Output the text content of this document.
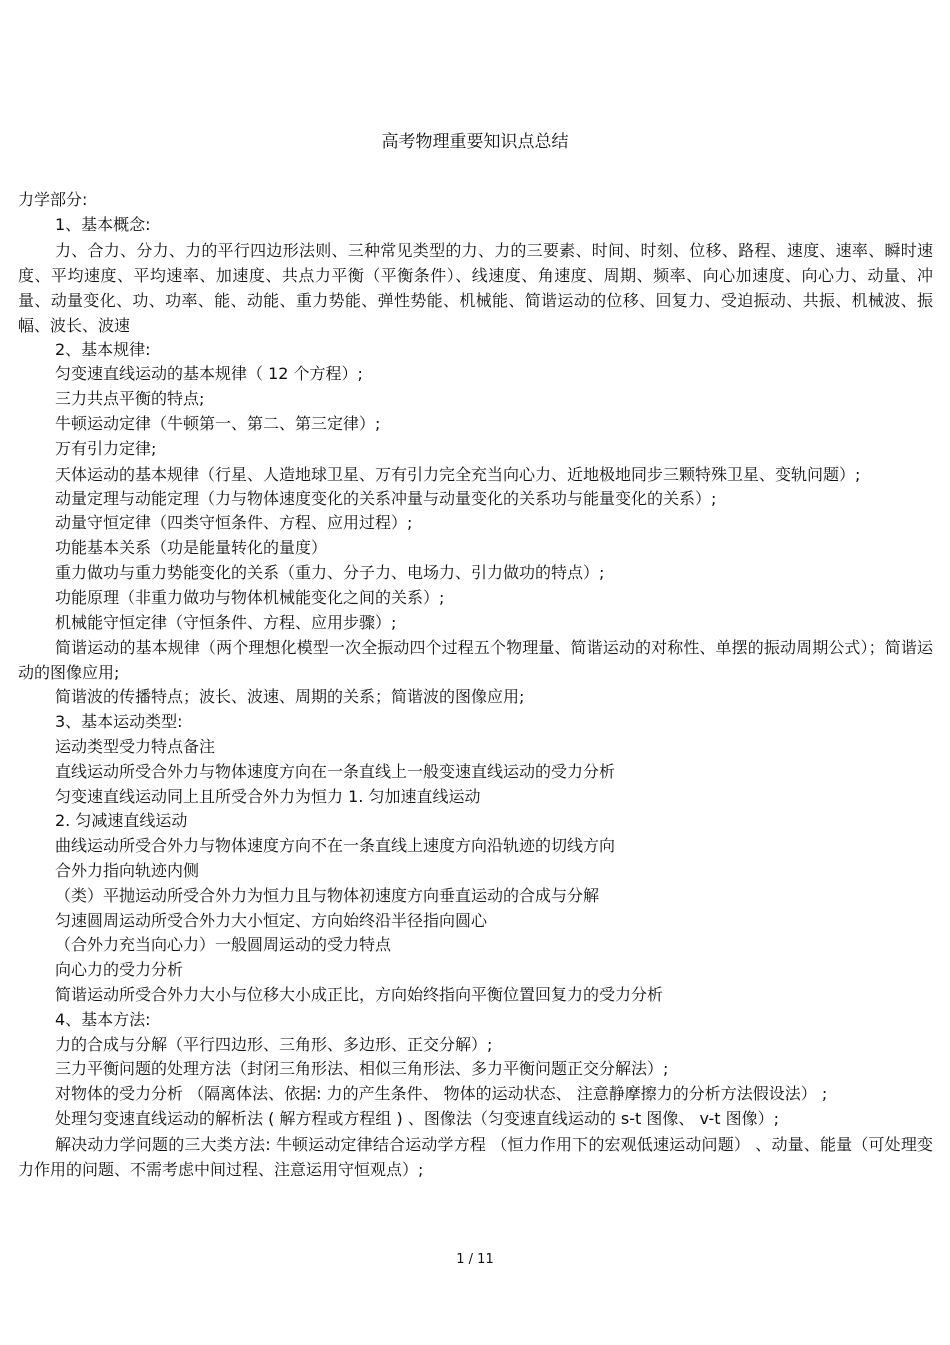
高考物理重要知识点总结
力学部分:
1、基本概念:
力、合力、分力、力的平行四边形法则、三种常见类型的力、力的三要素、时间、时刻、位移、路程、速度、速率、瞬时速度、平均速度、平均速率、加速度、共点力平衡（平衡条件）、线速度、角速度、周期、频率、向心加速度、向心力、动量、冲量、动量变化、功、功率、能、动能、重力势能、弹性势能、机械能、简谐运动的位移、回复力、受迫振动、共振、机械波、振幅、波长、波速
2、基本规律:
匀变速直线运动的基本规律（ 12 个方程）;
三力共点平衡的特点;
牛顿运动定律（牛顿第一、第二、第三定律）;
万有引力定律;
天体运动的基本规律（行星、人造地球卫星、万有引力完全充当向心力、近地极地同步三颗特殊卫星、变轨问题）;
动量定理与动能定理（力与物体速度变化的关系冲量与动量变化的关系功与能量变化的关系）;
动量守恒定律（四类守恒条件、方程、应用过程）;
功能基本关系（功是能量转化的量度）
重力做功与重力势能变化的关系（重力、分子力、电场力、引力做功的特点）;
功能原理（非重力做功与物体机械能变化之间的关系）;
机械能守恒定律（守恒条件、方程、应用步骤）;
简谐运动的基本规律（两个理想化模型一次全振动四个过程五个物理量、简谐运动的对称性、单摆的振动周期公式）；简谐运动的图像应用;
简谐波的传播特点；波长、波速、周期的关系；简谐波的图像应用;
3、基本运动类型:
运动类型受力特点备注
直线运动所受合外力与物体速度方向在一条直线上一般变速直线运动的受力分析
匀变速直线运动同上且所受合外力为恒力 1. 匀加速直线运动
2. 匀减速直线运动
曲线运动所受合外力与物体速度方向不在一条直线上速度方向沿轨迹的切线方向
合外力指向轨迹内侧
（类）平抛运动所受合外力为恒力且与物体初速度方向垂直运动的合成与分解
匀速圆周运动所受合外力大小恒定、方向始终沿半径指向圆心
（合外力充当向心力）一般圆周运动的受力特点
向心力的受力分析
简谐运动所受合外力大小与位移大小成正比，方向始终指向平衡位置回复力的受力分析
4、基本方法:
力的合成与分解（平行四边形、三角形、多边形、正交分解）;
三力平衡问题的处理方法（封闭三角形法、相似三角形法、多力平衡问题正交分解法）;
对物体的受力分析 （隔离体法、依据: 力的产生条件、 物体的运动状态、 注意静摩擦力的分析方法假设法） ;
处理匀变速直线运动的解析法 ( 解方程或方程组 ) 、图像法（匀变速直线运动的 s-t 图像、 v-t 图像）;
解决动力学问题的三大类方法: 牛顿运动定律结合运动学方程 （恒力作用下的宏观低速运动问题） 、动量、能量（可处理变力作用的问题、不需考虑中间过程、注意运用守恒观点）;
1 / 11
